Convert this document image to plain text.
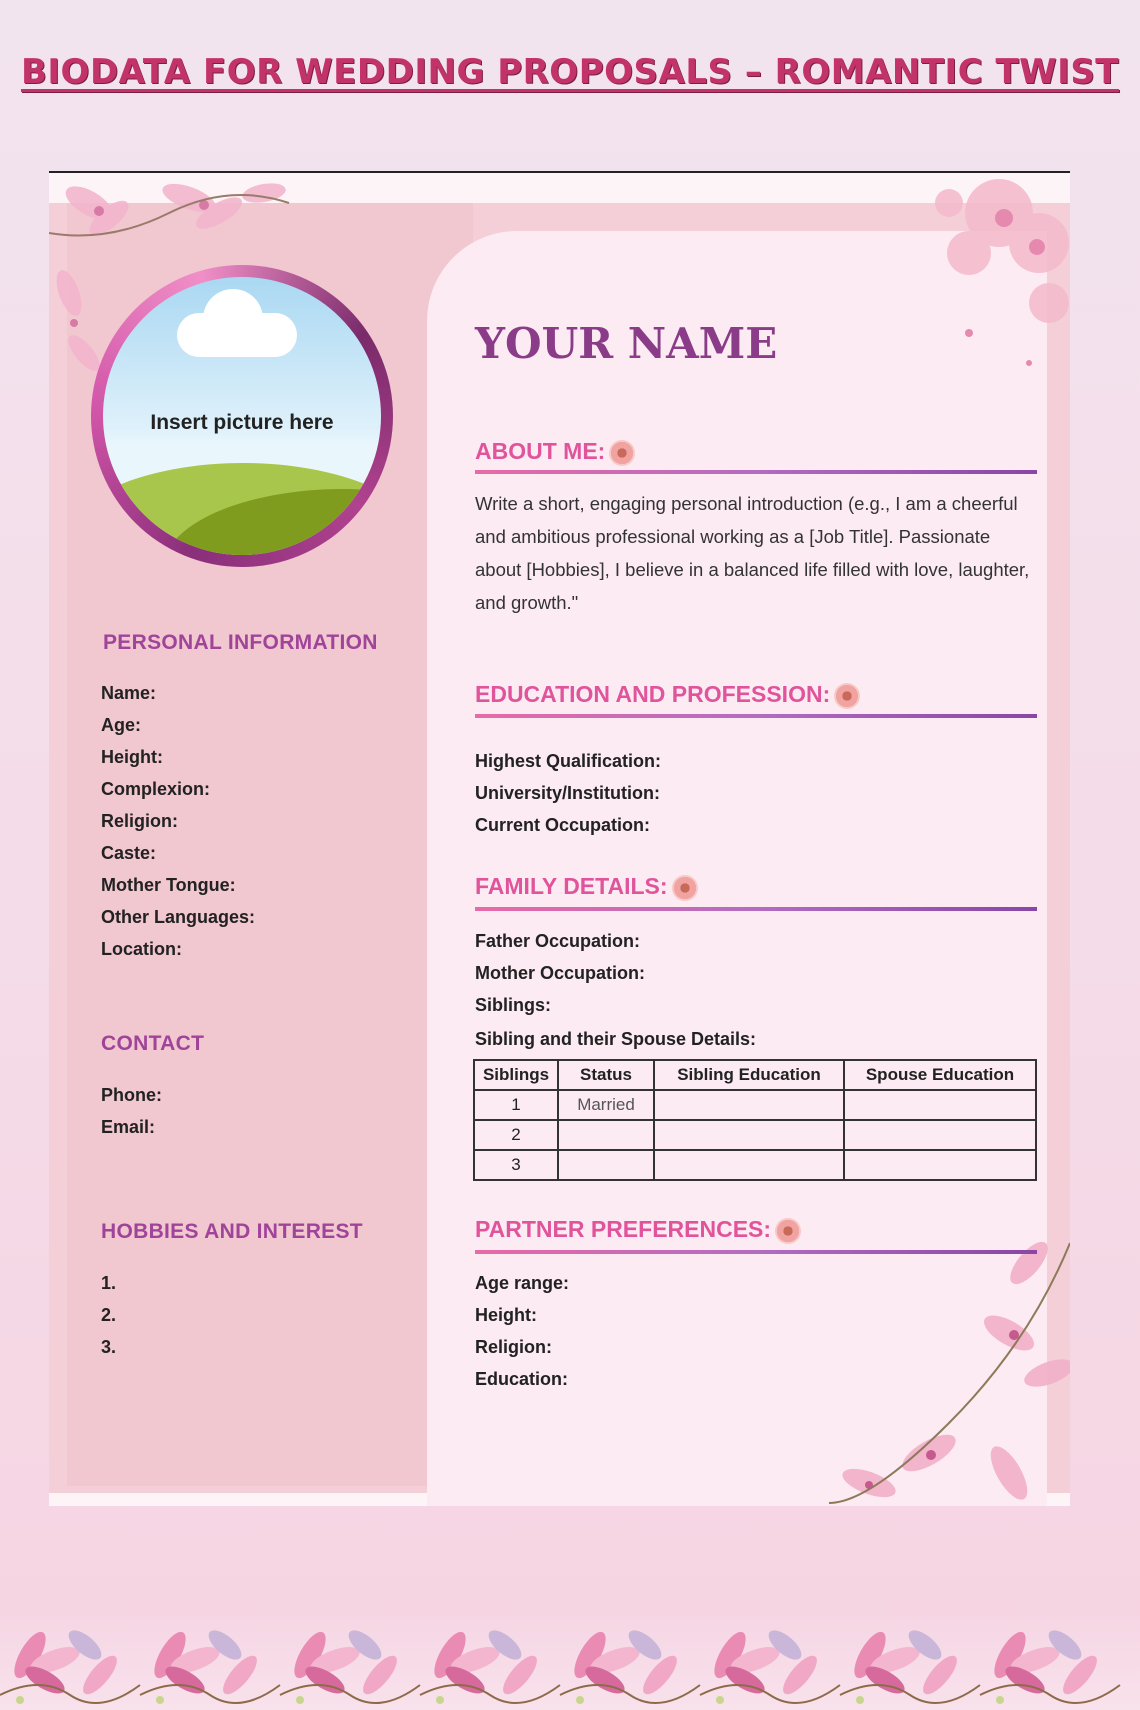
BIODATA FOR WEDDING PROPOSALS – ROMANTIC TWIST
Insert picture here
PERSONAL INFORMATION
Name:
Age:
Height:
Complexion:
Religion:
Caste:
Mother Tongue:
Other Languages:
Location:
CONTACT
Phone:
Email:
HOBBIES AND INTEREST
1.
2.
3.
YOUR NAME
ABOUT ME:
Write a short, engaging personal introduction (e.g., I am a cheerful and ambitious professional working as a [Job Title]. Passionate about [Hobbies], I believe in a balanced life filled with love, laughter, and growth."
EDUCATION AND PROFESSION:
Highest Qualification:
University/Institution:
Current Occupation:
FAMILY DETAILS:
Father Occupation:
Mother Occupation:
Siblings:
Sibling and their Spouse Details:
Siblings	Status	Sibling Education	Spouse Education
1	Married		
2			
3			
PARTNER PREFERENCES:
Age range:
Height:
Religion:
Education:
